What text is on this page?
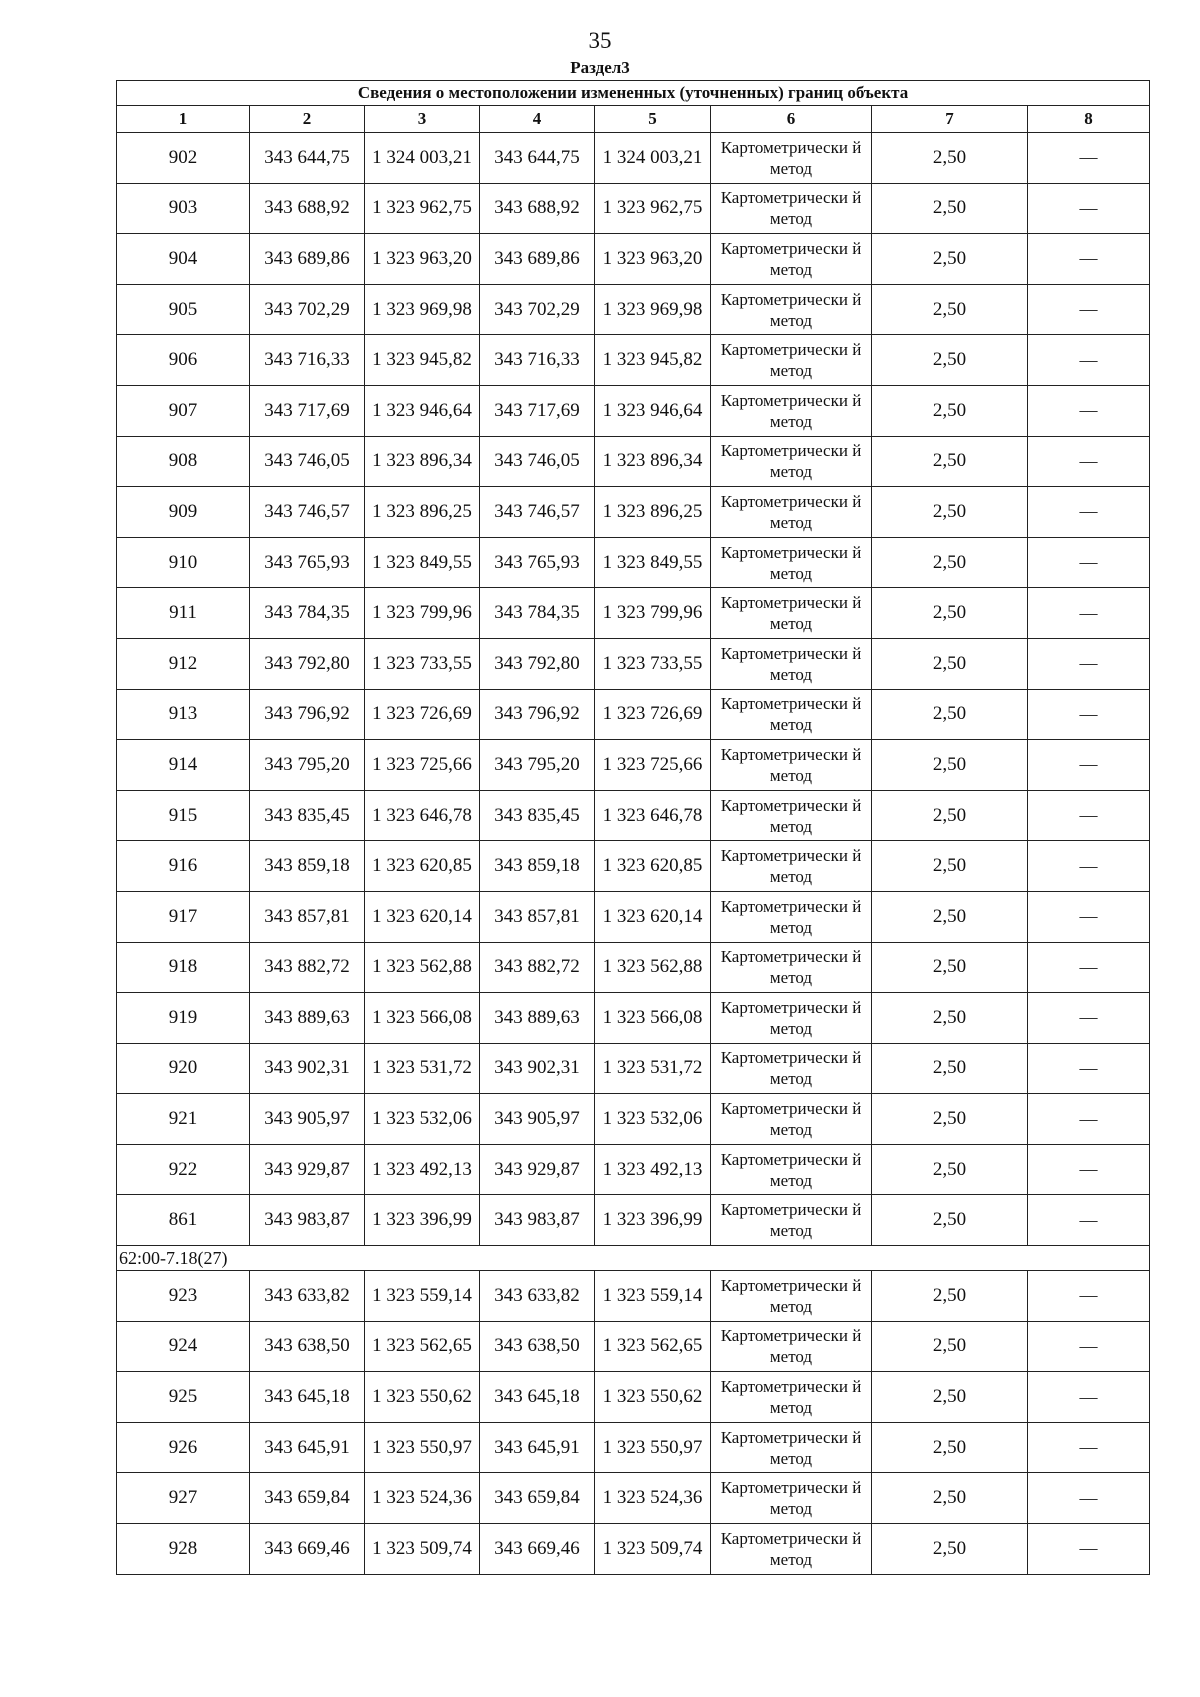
35
Раздел3
Сведения о местоположении измененных (уточненных) границ объекта							
1	2	3	4	5	6	7	8
902	343 644,75	1 324 003,21	343 644,75	1 324 003,21	Картометрически й метод	2,50	—
903	343 688,92	1 323 962,75	343 688,92	1 323 962,75	Картометрически й метод	2,50	—
904	343 689,86	1 323 963,20	343 689,86	1 323 963,20	Картометрически й метод	2,50	—
905	343 702,29	1 323 969,98	343 702,29	1 323 969,98	Картометрически й метод	2,50	—
906	343 716,33	1 323 945,82	343 716,33	1 323 945,82	Картометрически й метод	2,50	—
907	343 717,69	1 323 946,64	343 717,69	1 323 946,64	Картометрически й метод	2,50	—
908	343 746,05	1 323 896,34	343 746,05	1 323 896,34	Картометрически й метод	2,50	—
909	343 746,57	1 323 896,25	343 746,57	1 323 896,25	Картометрически й метод	2,50	—
910	343 765,93	1 323 849,55	343 765,93	1 323 849,55	Картометрически й метод	2,50	—
911	343 784,35	1 323 799,96	343 784,35	1 323 799,96	Картометрически й метод	2,50	—
912	343 792,80	1 323 733,55	343 792,80	1 323 733,55	Картометрически й метод	2,50	—
913	343 796,92	1 323 726,69	343 796,92	1 323 726,69	Картометрически й метод	2,50	—
914	343 795,20	1 323 725,66	343 795,20	1 323 725,66	Картометрически й метод	2,50	—
915	343 835,45	1 323 646,78	343 835,45	1 323 646,78	Картометрически й метод	2,50	—
916	343 859,18	1 323 620,85	343 859,18	1 323 620,85	Картометрически й метод	2,50	—
917	343 857,81	1 323 620,14	343 857,81	1 323 620,14	Картометрически й метод	2,50	—
918	343 882,72	1 323 562,88	343 882,72	1 323 562,88	Картометрически й метод	2,50	—
919	343 889,63	1 323 566,08	343 889,63	1 323 566,08	Картометрически й метод	2,50	—
920	343 902,31	1 323 531,72	343 902,31	1 323 531,72	Картометрически й метод	2,50	—
921	343 905,97	1 323 532,06	343 905,97	1 323 532,06	Картометрически й метод	2,50	—
922	343 929,87	1 323 492,13	343 929,87	1 323 492,13	Картометрически й метод	2,50	—
861	343 983,87	1 323 396,99	343 983,87	1 323 396,99	Картометрически й метод	2,50	—
62:00-7.18(27)							
923	343 633,82	1 323 559,14	343 633,82	1 323 559,14	Картометрически й метод	2,50	—
924	343 638,50	1 323 562,65	343 638,50	1 323 562,65	Картометрически й метод	2,50	—
925	343 645,18	1 323 550,62	343 645,18	1 323 550,62	Картометрически й метод	2,50	—
926	343 645,91	1 323 550,97	343 645,91	1 323 550,97	Картометрически й метод	2,50	—
927	343 659,84	1 323 524,36	343 659,84	1 323 524,36	Картометрически й метод	2,50	—
928	343 669,46	1 323 509,74	343 669,46	1 323 509,74	Картометрически й метод	2,50	—
